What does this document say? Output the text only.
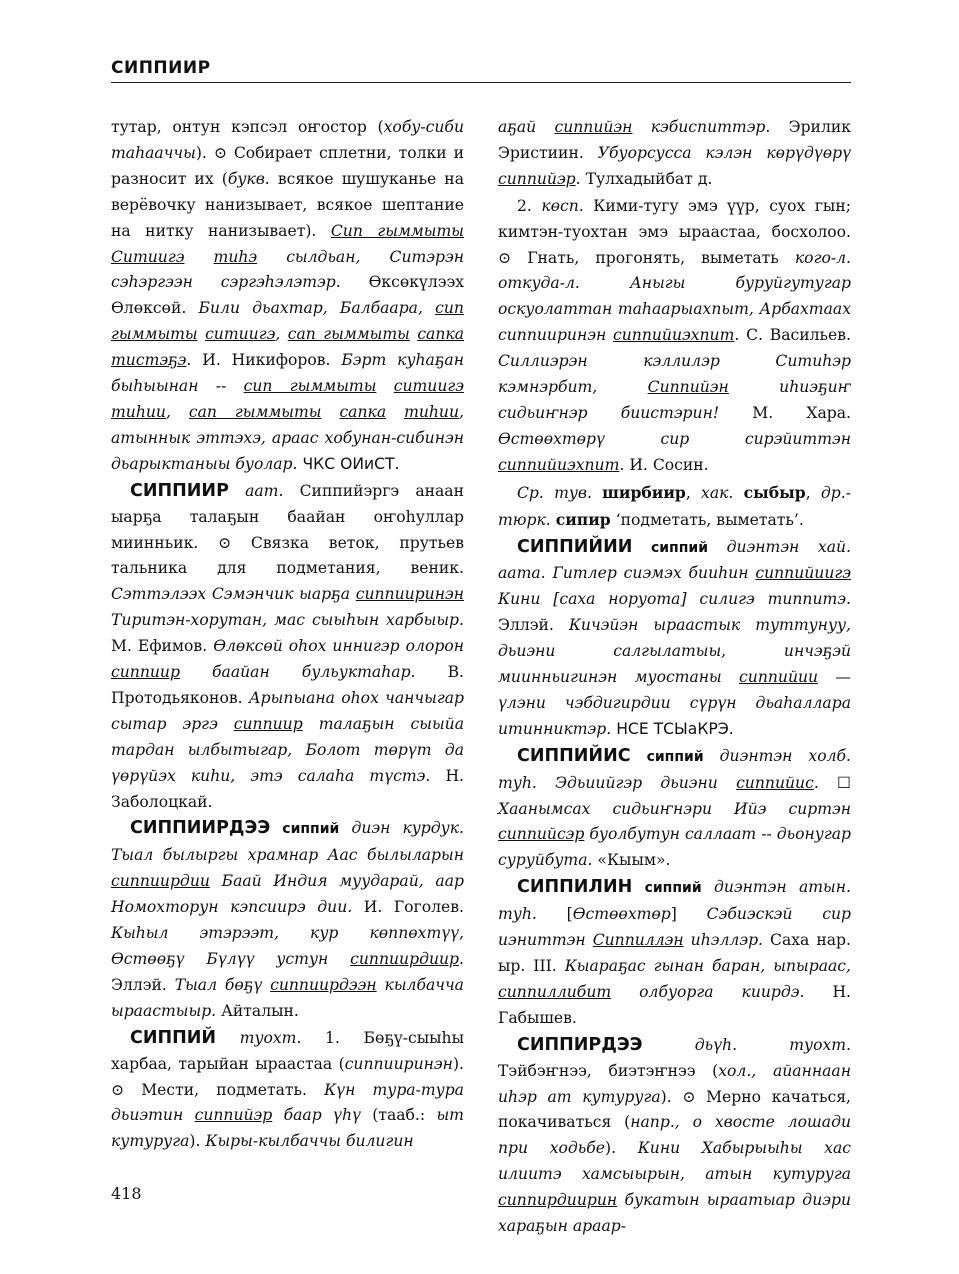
СИППИИР

тутар, онтун кэпсэл оҥостор (хобу-сиби таһааччы). ⊙ Собирает сплетни, толки и разносит их (букв. всякое шушуканье на верёвочку нанизывает, всякое шептание на нитку нанизывает). Сип гыммыты Ситиигэ тиһэ сылдьан, Ситэрэн сэһэргээн сэргэһэлэтэр. Өксөкүлээх Өлөксөй. Били дьахтар, Балбаара, сип гыммыты ситиигэ, сап гыммыты сапка тистэҕэ. И. Никифоров. Бэрт куһаҕан быһыынан -- сип гыммыты ситиигэ тиһии, сап гыммыты сапка тиһии, атыннык эттэхэ, араас хобунан-сибинэн дьарыктаныы буолар. ЧКС ОИиСТ.

СИППИИР аат. Сиппийэргэ анаан ыарҕа талаҕын баайан оҥоһуллар миинньик. ⊙ Связка веток, прутьев тальника для подметания, веник. Сэттэлээх Сэмэнчик ыарҕа сиппииринэн Тиритэн-хорутан, мас сыыһын харбыыр. М. Ефимов. Өлөксөй оһох иннигэр олорон сиппиир баайан бульуктаһар. В. Протодьяконов. Арыпыана оһох чанчыгар сытар эргэ сиппиир талаҕын сыыйа тардан ылбытыгар, Болот төрүт да үөрүйэх киһи, этэ салаһа түстэ. Н. Заболоцкай.

СИППИИРДЭЭ сиппий диэн курдук. Тыал былыргы храмнар Аас былыларын сиппиирдии Баай Индия муударай, аар Номохторун кэпсиирэ дии. И. Гоголев. Кыһыл этэрээт, кур көппөхтүү, Өстөөҕү Бүлүү устун сиппиирдиир. Эллэй. Тыал бөҕү сиппиирдээн кылбачча ыраастыыр. Айталын.

СИППИЙ туохт. 1. Бөҕү-сыыһы харбаа, тарыйан ыраастаа (сиппииринэн). ⊙ Мести, подметать. Күн тура-тура дьиэтин сиппийэр баар үһү (тааб.: ыт кутуруга). Кыры-кылбаччы билигин

аҕай сиппийэн кэбиспиттэр. Эрилик Эристиин. Убуорсусса кэлэн көрүдүөрү сиппийэр. Тулхадыйбат д.

2. көсп. Кими-тугу эмэ үүр, суох гын; кимтэн-туохтан эмэ ыраастаа, босхолоо. ⊙ Гнать, прогонять, выметать кого-л. откуда-л.	Аныгы буруйгутугар оскуолаттан таһаарыахпыт, Арбахтаах сиппииринэн сиппийиэхпит. С. Васильев. Силлиэрэн кэллилэр Ситиһэр кэмнэрбит, Сиппийэн иһиэҕиҥ сидьиҥнэр биистэрин! М. Хара. Өстөөхтөрү сир сирэйиттэн сиппийиэхпит. И. Сосин.

Ср. тув. ширбиир, хак. сыбыр, др.-тюрк. сипир ‘подметать, выметать’.

СИППИЙИИ сиппий диэнтэн хай. аата. Гитлер сиэмэх бииһин сиппийиигэ Кини [саха норуота] силигэ типпитэ. Эллэй. Кичэйэн ыраастык туттунуу, дьиэни салгылатыы, инчэҕэй миинньигинэн муостаны сиппийии — үлэни чэбдигирдии сүрүн дьаһаллара итинниктэр. НСЕ ТСЫаКРЭ.

СИППИЙИС сиппий диэнтэн холб. туһ. Эдьиийгэр дьиэни сиппийис. ☐ Хаанымсах сидьиҥнэри Ийэ сиртэн сиппийсэр буолбутун саллаат -- дьонугар суруйбута. «Кыым».

СИППИЛИН сиппий диэнтэн атын. туһ. [Өстөөхтөр] Сэбиэскэй сир иэниттэн Сиппиллэн иһэллэр. Саха нар. ыр. III. Кыараҕас гынан баран, ыпыраас, сиппиллибит олбуорга киирдэ. Н. Габышев.

СИППИРДЭЭ	дьүһ. туохт. Тэйбэҥнээ, биэтэҥнээ (хол., айаннаан иһэр ат кутуруга). ⊙ Мерно качаться, покачиваться (напр., о хвосте лошади при ходьбе). Кини Хабырыыһы хас илиитэ хамсыырын, атын кутуруга сиппирдиирин букатын ыраатыар диэри хараҕын араар-

418
